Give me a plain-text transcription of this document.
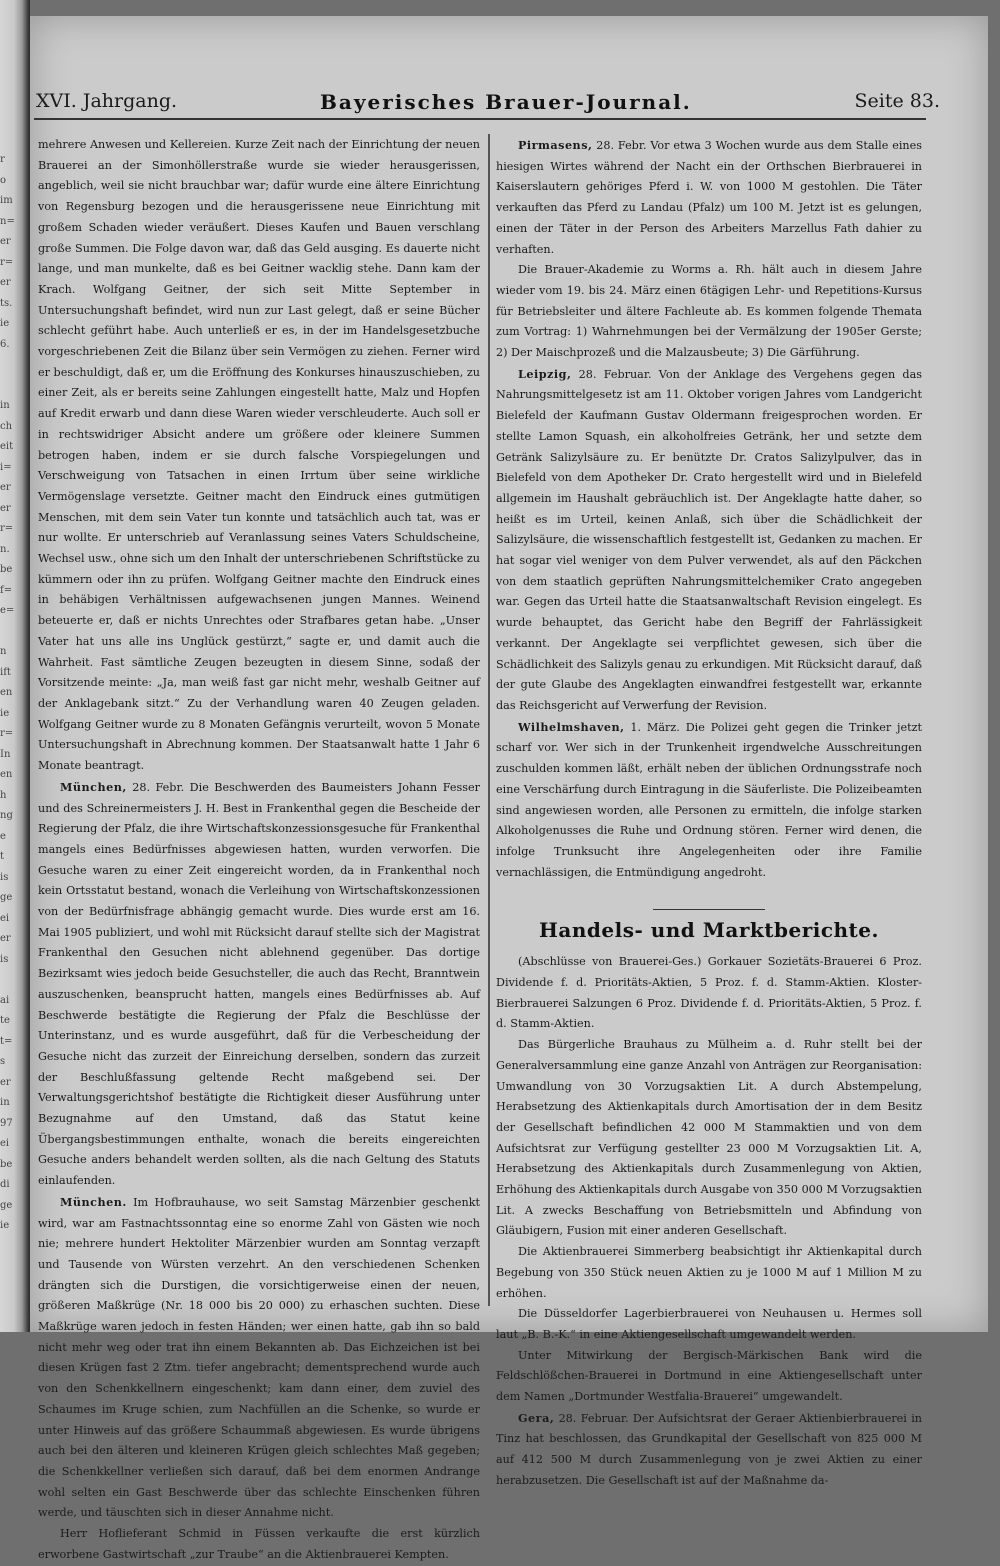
r
o
im
n=
er
r=
er
ts.
ie
6.
in
ch
eit
i=
er
er
r=
n.
be
f=
e=
n
ift
en
ie
r=
In
en
h
ng
e
t
is
ge
ei
er
is
ai
te
t=
s
er
in
97
ei
be
di
ge
ie
XVI. Jahrgang.	Bayerisches Brauer-Journal.	Seite 83.

mehrere Anwesen und Kellereien. Kurze Zeit nach der Einrichtung der neuen Brauerei an der Simonhöllerstraße wurde sie wieder herausgerissen, angeblich, weil sie nicht brauchbar war; dafür wurde eine ältere Einrichtung von Regensburg bezogen und die herausgerissene neue Einrichtung mit großem Schaden wieder veräußert. Dieses Kaufen und Bauen verschlang große Summen. Die Folge davon war, daß das Geld ausging. Es dauerte nicht lange, und man munkelte, daß es bei Geitner wacklig stehe. Dann kam der Krach. Wolfgang Geitner, der sich seit Mitte September in Untersuchungshaft befindet, wird nun zur Last gelegt, daß er seine Bücher schlecht geführt habe. Auch unterließ er es, in der im Handelsgesetzbuche vorgeschriebenen Zeit die Bilanz über sein Vermögen zu ziehen. Ferner wird er beschuldigt, daß er, um die Eröffnung des Konkurses hinauszuschieben, zu einer Zeit, als er bereits seine Zahlungen eingestellt hatte, Malz und Hopfen auf Kredit erwarb und dann diese Waren wieder verschleuderte. Auch soll er in rechtswidriger Absicht andere um größere oder kleinere Summen betrogen haben, indem er sie durch falsche Vorspiegelungen und Verschweigung von Tatsachen in einen Irrtum über seine wirkliche Vermögenslage versetzte. Geitner macht den Eindruck eines gutmütigen Menschen, mit dem sein Vater tun konnte und tatsächlich auch tat, was er nur wollte. Er unterschrieb auf Veranlassung seines Vaters Schuldscheine, Wechsel usw., ohne sich um den Inhalt der unterschriebenen Schriftstücke zu kümmern oder ihn zu prüfen. Wolfgang Geitner machte den Eindruck eines in behäbigen Verhältnissen aufgewachsenen jungen Mannes. Weinend beteuerte er, daß er nichts Unrechtes oder Strafbares getan habe. „Unser Vater hat uns alle ins Unglück gestürzt,“ sagte er, und damit auch die Wahrheit. Fast sämtliche Zeugen bezeugten in diesem Sinne, sodaß der Vorsitzende meinte: „Ja, man weiß fast gar nicht mehr, weshalb Geitner auf der Anklagebank sitzt.“ Zu der Verhandlung waren 40 Zeugen geladen. Wolfgang Geitner wurde zu 8 Monaten Gefängnis verurteilt, wovon 5 Monate Untersuchungshaft in Abrechnung kommen. Der Staatsanwalt hatte 1 Jahr 6 Monate beantragt.

München, 28. Febr. Die Beschwerden des Baumeisters Johann Fesser und des Schreinermeisters J. H. Best in Frankenthal gegen die Bescheide der Regierung der Pfalz, die ihre Wirtschaftskonzessionsgesuche für Frankenthal mangels eines Bedürfnisses abgewiesen hatten, wurden verworfen. Die Gesuche waren zu einer Zeit eingereicht worden, da in Frankenthal noch kein Ortsstatut bestand, wonach die Verleihung von Wirtschaftskonzessionen von der Bedürfnisfrage abhängig gemacht wurde. Dies wurde erst am 16. Mai 1905 publiziert, und wohl mit Rücksicht darauf stellte sich der Magistrat Frankenthal den Gesuchen nicht ablehnend gegenüber. Das dortige Bezirksamt wies jedoch beide Gesuchsteller, die auch das Recht, Branntwein auszuschenken, beansprucht hatten, mangels eines Bedürfnisses ab. Auf Beschwerde bestätigte die Regierung der Pfalz die Beschlüsse der Unterinstanz, und es wurde ausgeführt, daß für die Verbescheidung der Gesuche nicht das zurzeit der Einreichung derselben, sondern das zurzeit der Beschlußfassung geltende Recht maßgebend sei. Der Verwaltungsgerichtshof bestätigte die Richtigkeit dieser Ausführung unter Bezugnahme auf den Umstand, daß das Statut keine Übergangsbestimmungen enthalte, wonach die bereits eingereichten Gesuche anders behandelt werden sollten, als die nach Geltung des Statuts einlaufenden.

München. Im Hofbrauhause, wo seit Samstag Märzenbier geschenkt wird, war am Fastnachtssonntag eine so enorme Zahl von Gästen wie noch nie; mehrere hundert Hektoliter Märzenbier wurden am Sonntag verzapft und Tausende von Würsten verzehrt. An den verschiedenen Schenken drängten sich die Durstigen, die vorsichtigerweise einen der neuen, größeren Maßkrüge (Nr. 18 000 bis 20 000) zu erhaschen suchten. Diese Maßkrüge waren jedoch in festen Händen; wer einen hatte, gab ihn so bald nicht mehr weg oder trat ihn einem Bekannten ab. Das Eichzeichen ist bei diesen Krügen fast 2 Ztm. tiefer angebracht; dementsprechend wurde auch von den Schenkkellnern eingeschenkt; kam dann einer, dem zuviel des Schaumes im Kruge schien, zum Nachfüllen an die Schenke, so wurde er unter Hinweis auf das größere Schaummaß abgewiesen. Es wurde übrigens auch bei den älteren und kleineren Krügen gleich schlechtes Maß gegeben; die Schenkkellner verließen sich darauf, daß bei dem enormen Andrange wohl selten ein Gast Beschwerde über das schlechte Einschenken führen werde, und täuschten sich in dieser Annahme nicht.

Herr Hoflieferant Schmid in Füssen verkaufte die erst kürzlich erworbene Gastwirtschaft „zur Traube“ an die Aktienbrauerei Kempten.

Pirmasens, 28. Febr. Vor etwa 3 Wochen wurde aus dem Stalle eines hiesigen Wirtes während der Nacht ein der Orthschen Bierbrauerei in Kaiserslautern gehöriges Pferd i. W. von 1000 M gestohlen. Die Täter verkauften das Pferd zu Landau (Pfalz) um 100 M. Jetzt ist es gelungen, einen der Täter in der Person des Arbeiters Marzellus Fath dahier zu verhaften.

Die Brauer-Akademie zu Worms a. Rh. hält auch in diesem Jahre wieder vom 19. bis 24. März einen 6tägigen Lehr- und Repetitions-Kursus für Betriebsleiter und ältere Fachleute ab. Es kommen folgende Themata zum Vortrag: 1) Wahrnehmungen bei der Vermälzung der 1905er Gerste; 2) Der Maischprozeß und die Malzausbeute; 3) Die Gärführung.

Leipzig, 28. Februar. Von der Anklage des Vergehens gegen das Nahrungsmittelgesetz ist am 11. Oktober vorigen Jahres vom Landgericht Bielefeld der Kaufmann Gustav Oldermann freigesprochen worden. Er stellte Lamon Squash, ein alkoholfreies Getränk, her und setzte dem Getränk Salizylsäure zu. Er benützte Dr. Cratos Salizylpulver, das in Bielefeld von dem Apotheker Dr. Crato hergestellt wird und in Bielefeld allgemein im Haushalt gebräuchlich ist. Der Angeklagte hatte daher, so heißt es im Urteil, keinen Anlaß, sich über die Schädlichkeit der Salizylsäure, die wissenschaftlich festgestellt ist, Gedanken zu machen. Er hat sogar viel weniger von dem Pulver verwendet, als auf den Päckchen von dem staatlich geprüften Nahrungsmittelchemiker Crato angegeben war. Gegen das Urteil hatte die Staatsanwaltschaft Revision eingelegt. Es wurde behauptet, das Gericht habe den Begriff der Fahrlässigkeit verkannt. Der Angeklagte sei verpflichtet gewesen, sich über die Schädlichkeit des Salizyls genau zu erkundigen. Mit Rücksicht darauf, daß der gute Glaube des Angeklagten einwandfrei festgestellt war, erkannte das Reichsgericht auf Verwerfung der Revision.

Wilhelmshaven, 1. März. Die Polizei geht gegen die Trinker jetzt scharf vor. Wer sich in der Trunkenheit irgendwelche Ausschreitungen zuschulden kommen läßt, erhält neben der üblichen Ordnungsstrafe noch eine Verschärfung durch Eintragung in die Säuferliste. Die Polizeibeamten sind angewiesen worden, alle Personen zu ermitteln, die infolge starken Alkoholgenusses die Ruhe und Ordnung stören. Ferner wird denen, die infolge Trunksucht ihre Angelegenheiten oder ihre Familie vernachlässigen, die Entmündigung angedroht.

Handels- und Marktberichte.

(Abschlüsse von Brauerei-Ges.) Gorkauer Sozietäts-Brauerei 6 Proz. Dividende f. d. Prioritäts-Aktien, 5 Proz. f. d. Stamm-Aktien. Kloster-Bierbrauerei Salzungen 6 Proz. Dividende f. d. Prioritäts-Aktien, 5 Proz. f. d. Stamm-Aktien.

Das Bürgerliche Brauhaus zu Mülheim a. d. Ruhr stellt bei der Generalversammlung eine ganze Anzahl von Anträgen zur Reorganisation: Umwandlung von 30 Vorzugsaktien Lit. A durch Abstempelung, Herabsetzung des Aktienkapitals durch Amortisation der in dem Besitz der Gesellschaft befindlichen 42 000 M Stammaktien und von dem Aufsichtsrat zur Verfügung gestellter 23 000 M Vorzugsaktien Lit. A, Herabsetzung des Aktienkapitals durch Zusammenlegung von Aktien, Erhöhung des Aktienkapitals durch Ausgabe von 350 000 M Vorzugsaktien Lit. A zwecks Beschaffung von Betriebsmitteln und Abfindung von Gläubigern, Fusion mit einer anderen Gesellschaft.

Die Aktienbrauerei Simmerberg beabsichtigt ihr Aktienkapital durch Begebung von 350 Stück neuen Aktien zu je 1000 M auf 1 Million M zu erhöhen.

Die Düsseldorfer Lagerbierbrauerei von Neuhausen u. Hermes soll laut „B. B.-K.“ in eine Aktiengesellschaft umgewandelt werden.

Unter Mitwirkung der Bergisch-Märkischen Bank wird die Feldschlößchen-Brauerei in Dortmund in eine Aktiengesellschaft unter dem Namen „Dortmunder Westfalia-Brauerei“ umgewandelt.

Gera, 28. Februar. Der Aufsichtsrat der Geraer Aktienbierbrauerei in Tinz hat beschlossen, das Grundkapital der Gesellschaft von 825 000 M auf 412 500 M durch Zusammenlegung von je zwei Aktien zu einer herabzusetzen. Die Gesellschaft ist auf der Maßnahme da-
